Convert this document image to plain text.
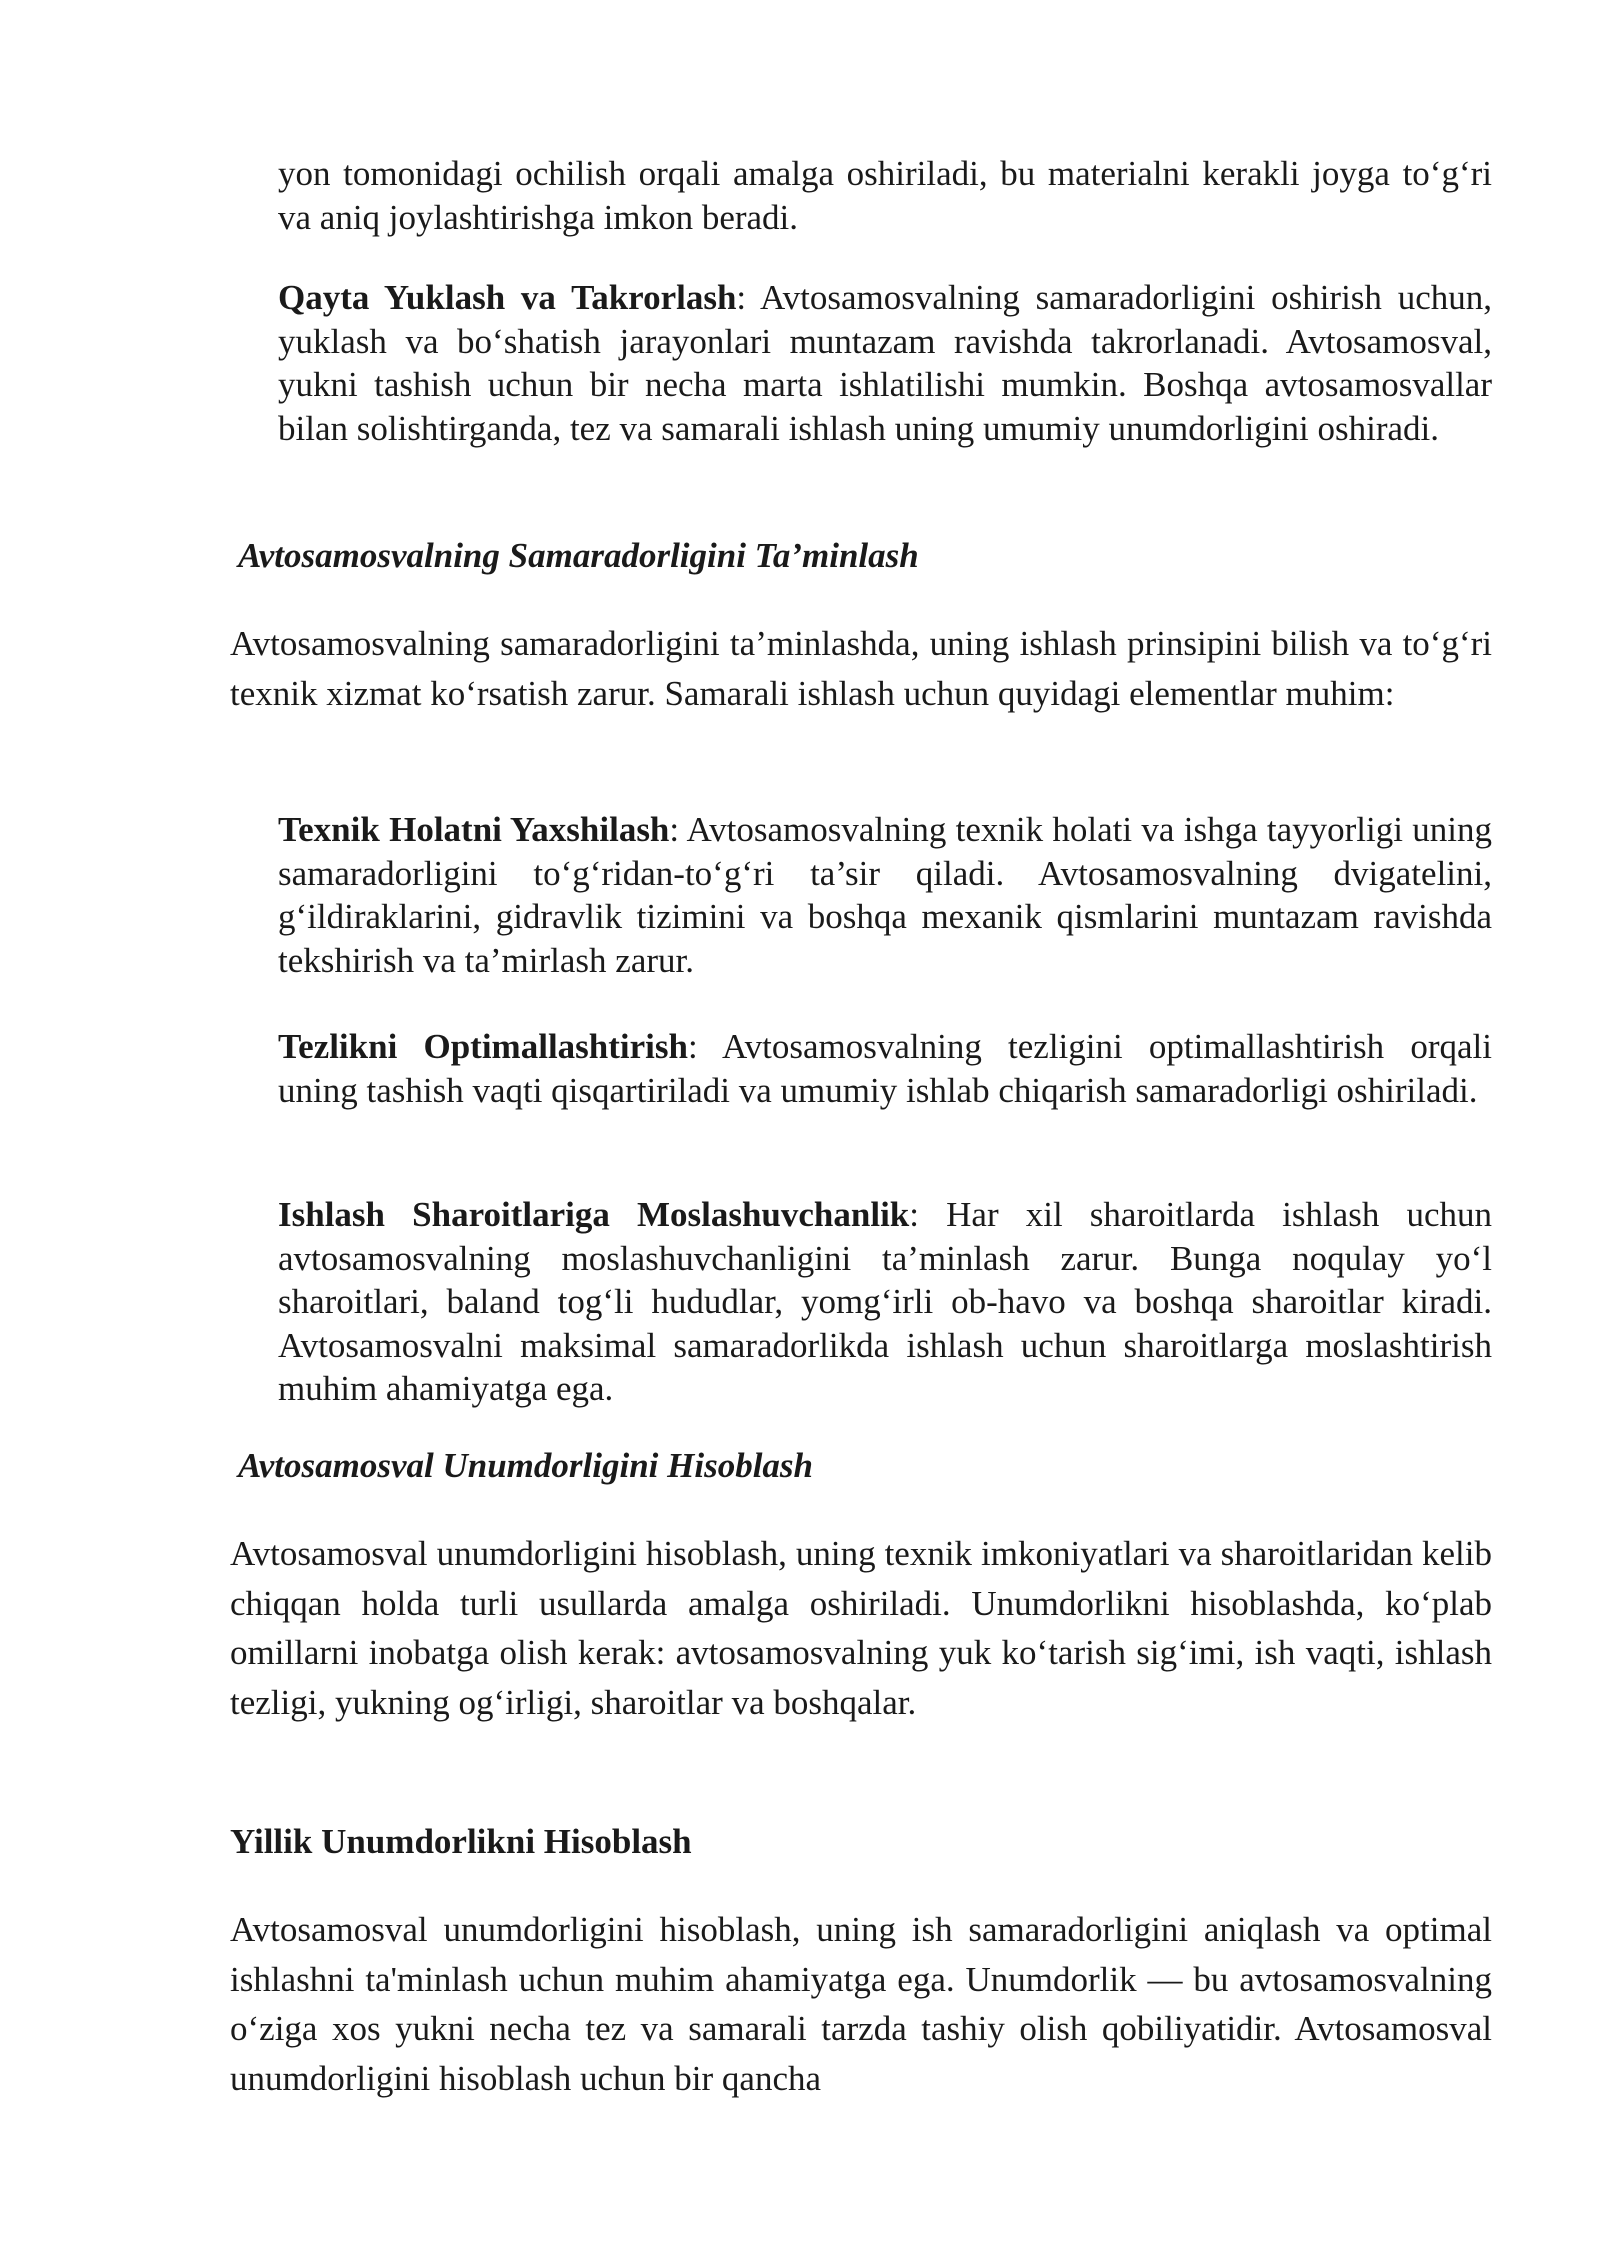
yon tomonidagi ochilish orqali amalga oshiriladi, bu materialni kerakli joyga to‘g‘ri va aniq joylashtirishga imkon beradi.

Qayta Yuklash va Takrorlash: Avtosamosvalning samaradorligini oshirish uchun, yuklash va bo‘shatish jarayonlari muntazam ravishda takrorlanadi. Avtosamosval, yukni tashish uchun bir necha marta ishlatilishi mumkin. Boshqa avtosamosvallar bilan solishtirganda, tez va samarali ishlash uning umumiy unumdorligini oshiradi.

Avtosamosvalning Samaradorligini Ta’minlash

Avtosamosvalning samaradorligini ta’minlashda, uning ishlash prinsipini bilish va to‘g‘ri texnik xizmat ko‘rsatish zarur. Samarali ishlash uchun quyidagi elementlar muhim:

Texnik Holatni Yaxshilash: Avtosamosvalning texnik holati va ishga tayyorligi uning samaradorligini to‘g‘ridan-to‘g‘ri ta’sir qiladi. Avtosamosvalning dvigatelini, g‘ildiraklarini, gidravlik tizimini va boshqa mexanik qismlarini muntazam ravishda tekshirish va ta’mirlash zarur.

Tezlikni Optimallashtirish: Avtosamosvalning tezligini optimallashtirish orqali uning tashish vaqti qisqartiriladi va umumiy ishlab chiqarish samaradorligi oshiriladi.

Ishlash Sharoitlariga Moslashuvchanlik: Har xil sharoitlarda ishlash uchun avtosamosvalning moslashuvchanligini ta’minlash zarur. Bunga noqulay yo‘l sharoitlari, baland tog‘li hududlar, yomg‘irli ob-havo va boshqa sharoitlar kiradi. Avtosamosvalni maksimal samaradorlikda ishlash uchun sharoitlarga moslashtirish muhim ahamiyatga ega.

Avtosamosval Unumdorligini Hisoblash

Avtosamosval unumdorligini hisoblash, uning texnik imkoniyatlari va sharoitlaridan kelib chiqqan holda turli usullarda amalga oshiriladi. Unumdorlikni hisoblashda, ko‘plab omillarni inobatga olish kerak: avtosamosvalning yuk ko‘tarish sig‘imi, ish vaqti, ishlash tezligi, yukning og‘irligi, sharoitlar va boshqalar.

Yillik Unumdorlikni Hisoblash

Avtosamosval unumdorligini hisoblash, uning ish samaradorligini aniqlash va optimal ishlashni ta'minlash uchun muhim ahamiyatga ega. Unumdorlik — bu avtosamosvalning o‘ziga xos yukni necha tez va samarali tarzda tashiy olish qobiliyatidir. Avtosamosval unumdorligini hisoblash uchun bir qancha
